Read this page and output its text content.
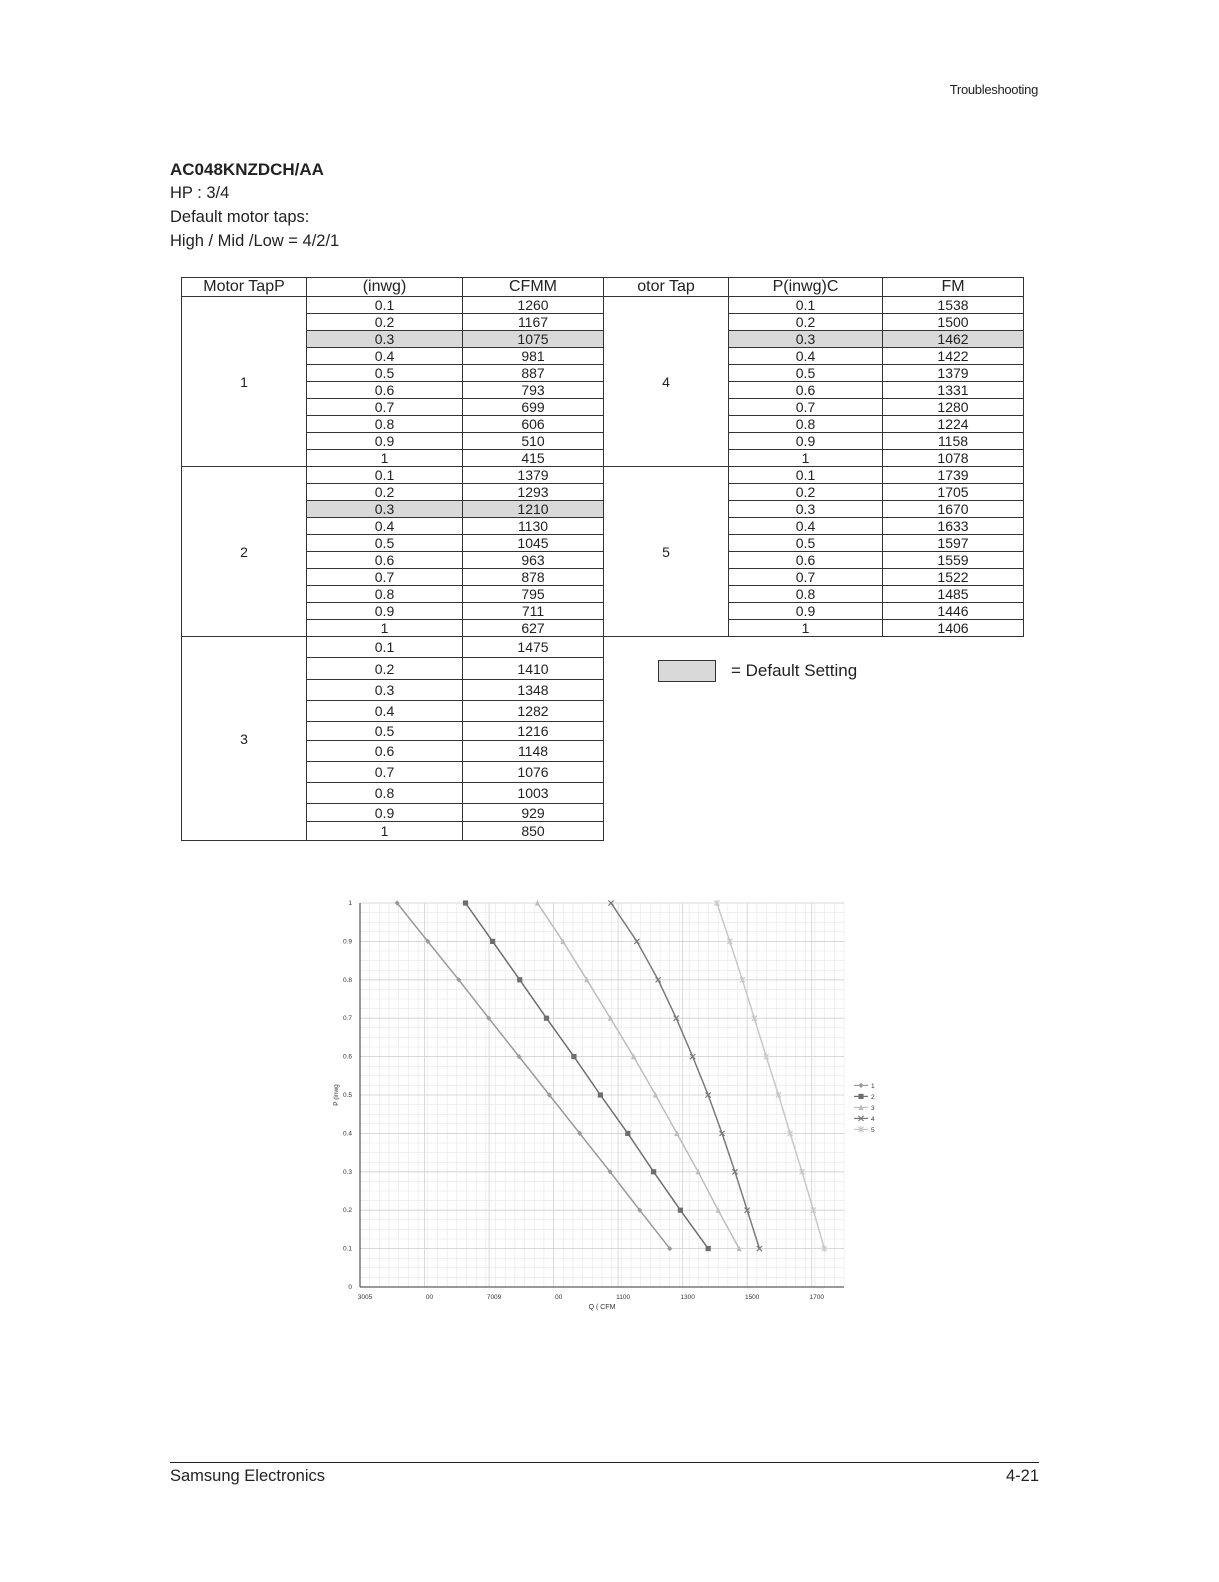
Troubleshooting
AC048KNZDCH/AA
HP : 3/4
Default motor taps:
High / Mid /Low = 4/2/1
Motor TapP	(inwg)	CFMM
1	0.1	1260
	0.2	1167
	0.3	1075
	0.4	981
	0.5	887
	0.6	793
	0.7	699
	0.8	606
	0.9	510
	1	415
2	0.1	1379
	0.2	1293
	0.3	1210
	0.4	1130
	0.5	1045
	0.6	963
	0.7	878
	0.8	795
	0.9	711
	1	627
3	0.1	1475
	0.2	1410
	0.3	1348
	0.4	1282
	0.5	1216
	0.6	1148
	0.7	1076
	0.8	1003
	0.9	929
	1	850
otor Tap	P(inwg)C	FM
4	0.1	1538
	0.2	1500
	0.3	1462
	0.4	1422
	0.5	1379
	0.6	1331
	0.7	1280
	0.8	1224
	0.9	1158
	1	1078
5	0.1	1739
	0.2	1705
	0.3	1670
	0.4	1633
	0.5	1597
	0.6	1559
	0.7	1522
	0.8	1485
	0.9	1446
	1	1406
= Default Setting
0
0.1
0.2
0.3
0.4
0.5
0.6
0.7
0.8
0.9
1
3005	00	7009	00	1100	1300	1500	1700
Q ( CFM
P (inwg	1
2
3
4
5
Samsung Electronics	4-21
